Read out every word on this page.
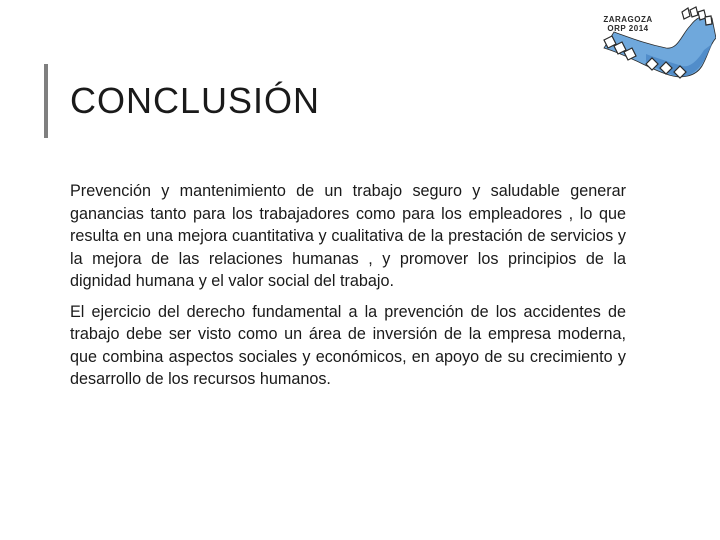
CONCLUSIÓN

Prevención y mantenimiento de un trabajo seguro y saludable generar ganancias tanto para los trabajadores como para los empleadores , lo que resulta en una mejora cuantitativa y cualitativa de la prestación de servicios y la mejora de las relaciones humanas , y promover los principios de la dignidad humana y el valor social del trabajo.

El ejercicio del derecho fundamental a la prevención de los accidentes de trabajo debe ser visto como un área de inversión de la empresa moderna, que combina aspectos sociales y económicos, en apoyo de su crecimiento y desarrollo de los recursos humanos.

ZARAGOZA
ORP 2014
